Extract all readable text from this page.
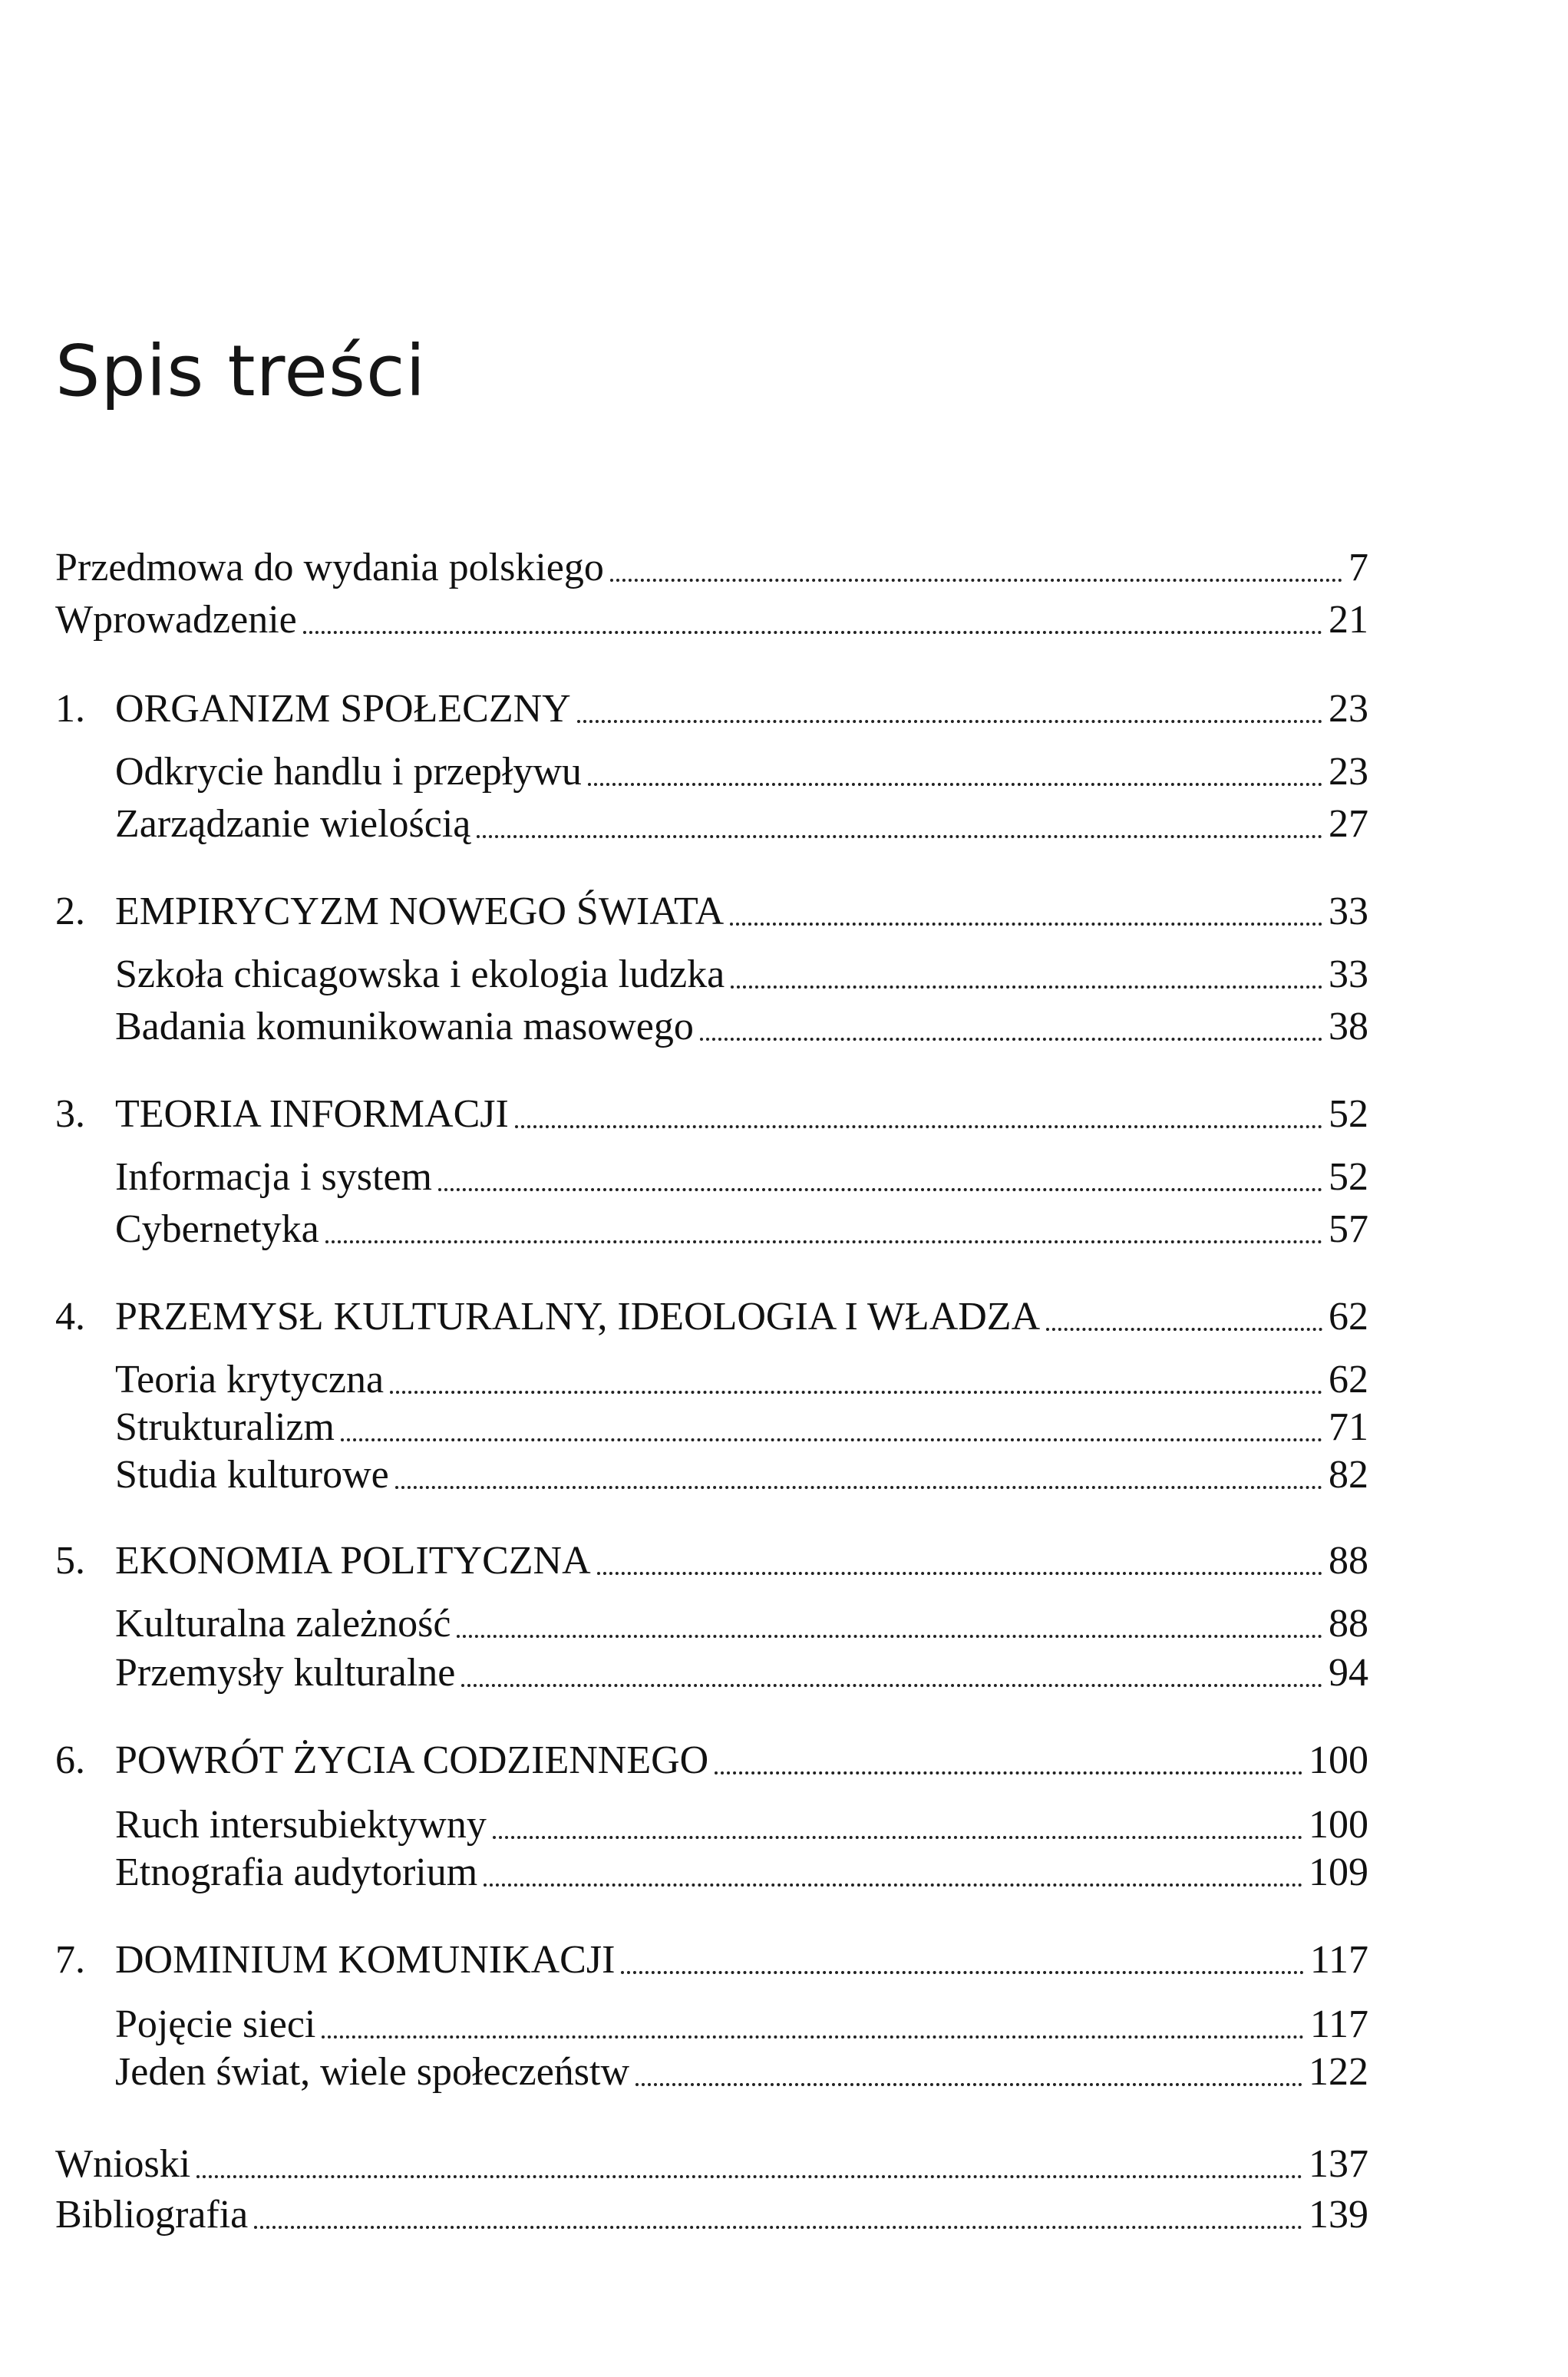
Spis treści
Przedmowa do wydania polskiego	7
Wprowadzenie	21
1. ORGANIZM SPOŁECZNY	23
Odkrycie handlu i przepływu	23
Zarządzanie wielością	27
2. EMPIRYCYZM NOWEGO ŚWIATA	33
Szkoła chicagowska i ekologia ludzka	33
Badania komunikowania masowego	38
3. TEORIA INFORMACJI	52
Informacja i system	52
Cybernetyka	57
4. PRZEMYSŁ KULTURALNY, IDEOLOGIA I WŁADZA	62
Teoria krytyczna	62
Strukturalizm	71
Studia kulturowe	82
5. EKONOMIA POLITYCZNA	88
Kulturalna zależność	88
Przemysły kulturalne	94
6. POWRÓT ŻYCIA CODZIENNEGO	100
Ruch intersubiektywny	100
Etnografia audytorium	109
7. DOMINIUM KOMUNIKACJI	117
Pojęcie sieci	117
Jeden świat, wiele społeczeństw	122
Wnioski	137
Bibliografia	139
